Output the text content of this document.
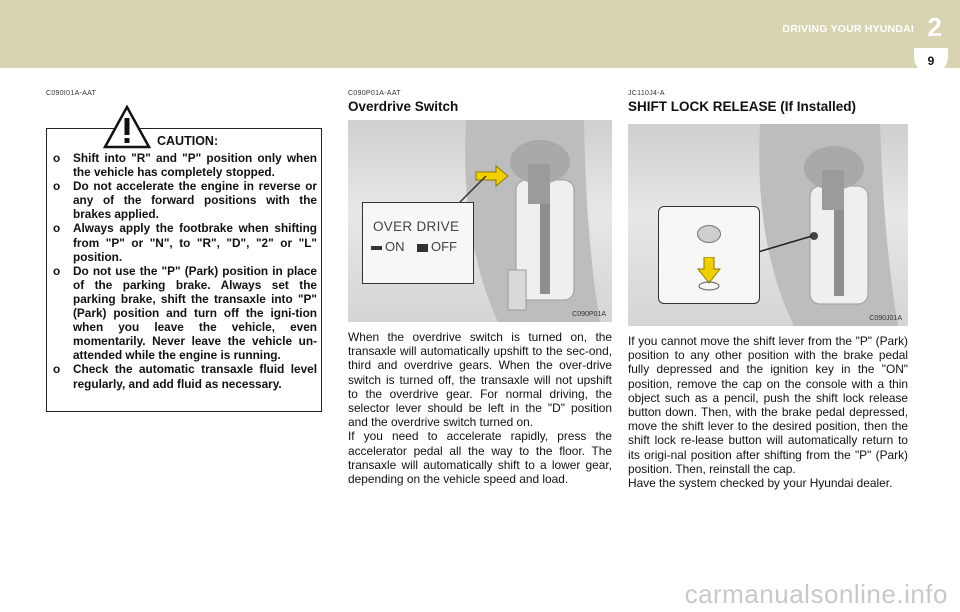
DRIVING YOUR HYUNDAI 2
9
C090I01A-AAT
CAUTION:
o Shift into "R" and "P" position only when the vehicle has completely stopped.
o Do not accelerate the engine in reverse or any of the forward positions with the brakes applied.
o Always apply the footbrake when shifting from "P" or "N", to "R", "D", "2" or "L" position.
o Do not use the "P" (Park) position in place of the parking brake. Always set the parking brake, shift the transaxle into "P" (Park) position and turn off the igni-tion when you leave the vehicle, even momentarily. Never leave the vehicle un-attended while the engine is running.
o Check the automatic transaxle fluid level regularly, and add fluid as necessary.
C090P01A-AAT
Overdrive Switch
OVER DRIVE
ON	OFF
C090P01A

When the overdrive switch is turned on, the transaxle will automatically upshift to the sec-ond, third and overdrive gears. When the over-drive switch is turned off, the transaxle will not upshift to the overdrive gear. For normal driving, the selector lever should be left in the "D" position and the overdrive switch turned on.

If you need to accelerate rapidly, press the accelerator pedal all the way to the floor. The transaxle will automatically shift to a lower gear, depending on the vehicle speed and load.

JC110J4-A
SHIFT LOCK RELEASE (If Installed)
C090J01A

If you cannot move the shift lever from the "P" (Park) position to any other position with the brake pedal fully depressed and the ignition key in the "ON" position, remove the cap on the console with a thin object such as a pencil, push the shift lock release button down. Then, with the brake pedal depressed, move the shift lever to the desired position, then the shift lock re-lease button will automatically return to its origi-nal position after shifting from the "P" (Park) position. Then, reinstall the cap.

Have the system checked by your Hyundai dealer.

carmanualsonline.info
